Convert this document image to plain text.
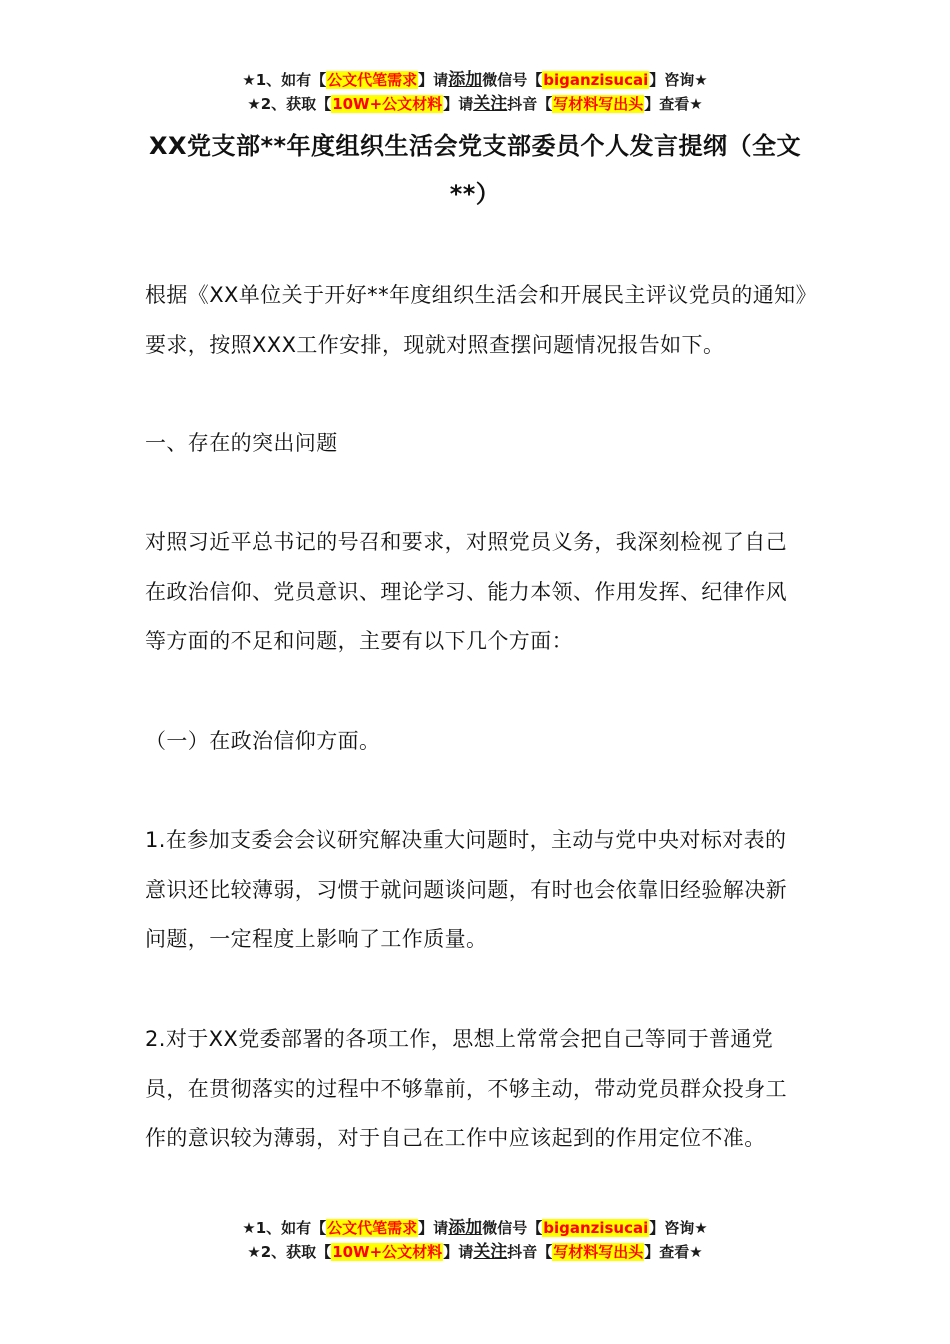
★1、如有【公文代笔需求】请添加微信号【biganzisucai】咨询★
★2、获取【10W+公文材料】请关注抖音【写材料写出头】查看★
XX党支部**年度组织生活会党支部委员个人发言提纲（全文**）

根据《XX单位关于开好**年度组织生活会和开展民主评议党员的通知》要求，按照XXX工作安排，现就对照查摆问题情况报告如下。

一、存在的突出问题

对照习近平总书记的号召和要求，对照党员义务，我深刻检视了自己在政治信仰、党员意识、理论学习、能力本领、作用发挥、纪律作风等方面的不足和问题，主要有以下几个方面：

（一）在政治信仰方面。

1.在参加支委会会议研究解决重大问题时，主动与党中央对标对表的意识还比较薄弱，习惯于就问题谈问题，有时也会依靠旧经验解决新问题，一定程度上影响了工作质量。

2.对于XX党委部署的各项工作，思想上常常会把自己等同于普通党员，在贯彻落实的过程中不够靠前，不够主动，带动党员群众投身工作的意识较为薄弱，对于自己在工作中应该起到的作用定位不准。

★1、如有【公文代笔需求】请添加微信号【biganzisucai】咨询★
★2、获取【10W+公文材料】请关注抖音【写材料写出头】查看★
